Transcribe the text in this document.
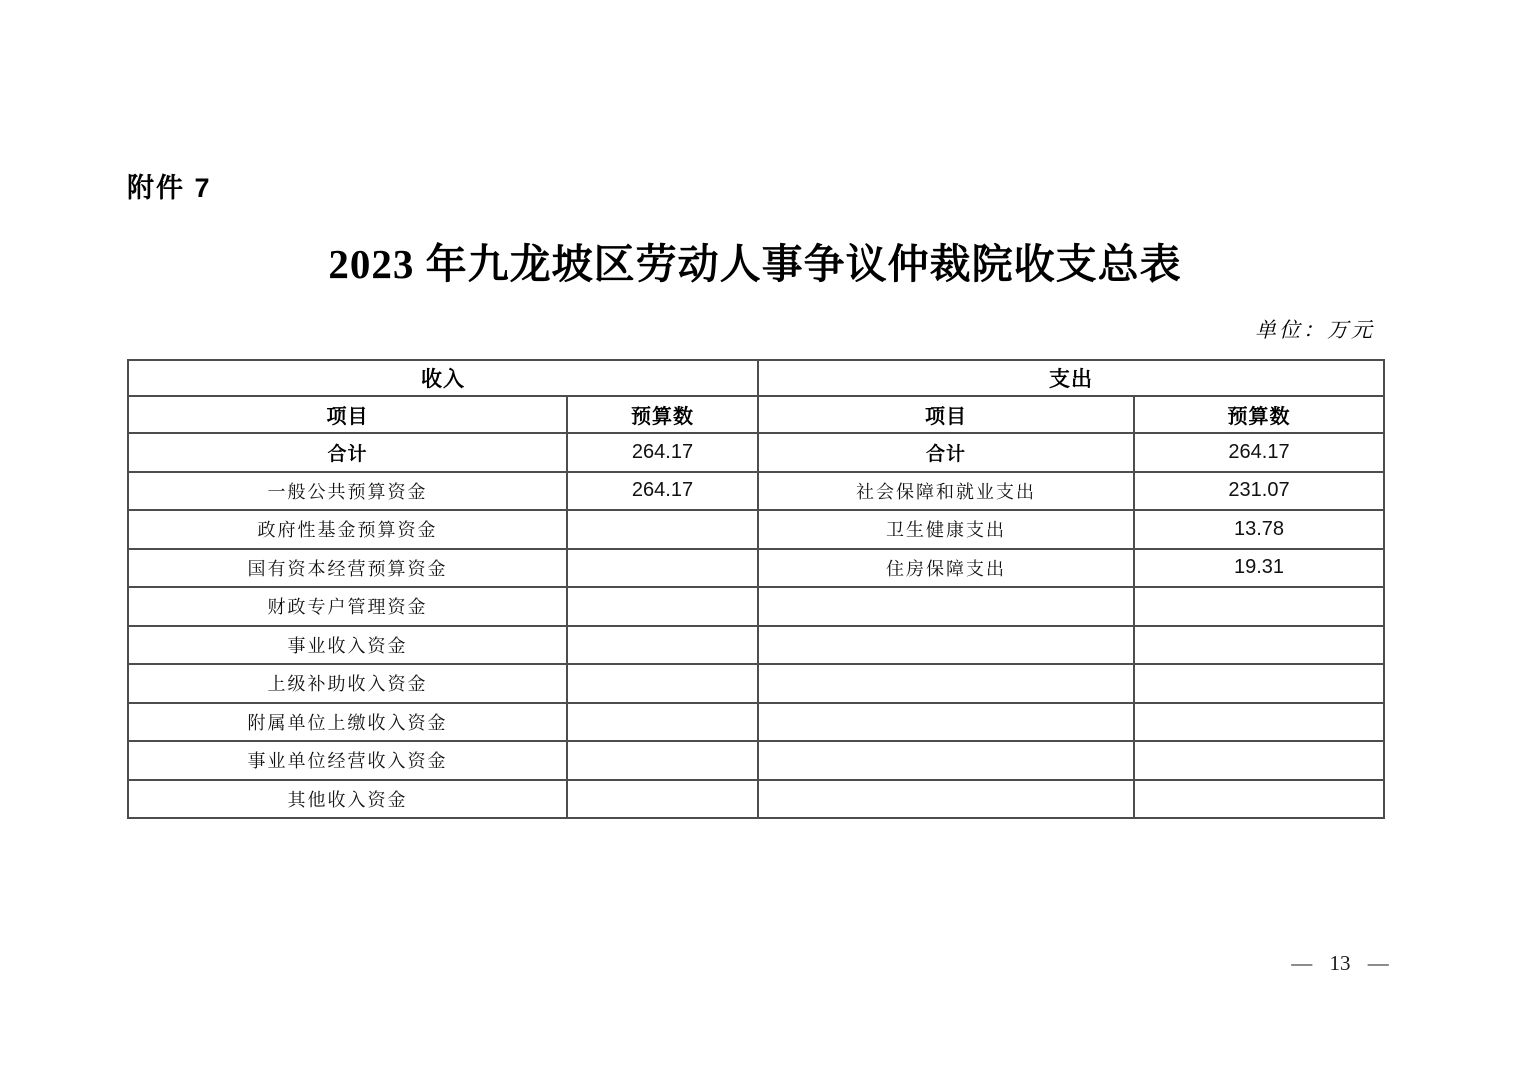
附件 7
2023 年九龙坡区劳动人事争议仲裁院收支总表
单位：万元
收入		支出	
项目	预算数	项目	预算数
合计	264.17	合计	264.17
一般公共预算资金	264.17	社会保障和就业支出	231.07
政府性基金预算资金		卫生健康支出	13.78
国有资本经营预算资金		住房保障支出	19.31
财政专户管理资金			
事业收入资金			
上级补助收入资金			
附属单位上缴收入资金			
事业单位经营收入资金			
其他收入资金			
— 13 —
